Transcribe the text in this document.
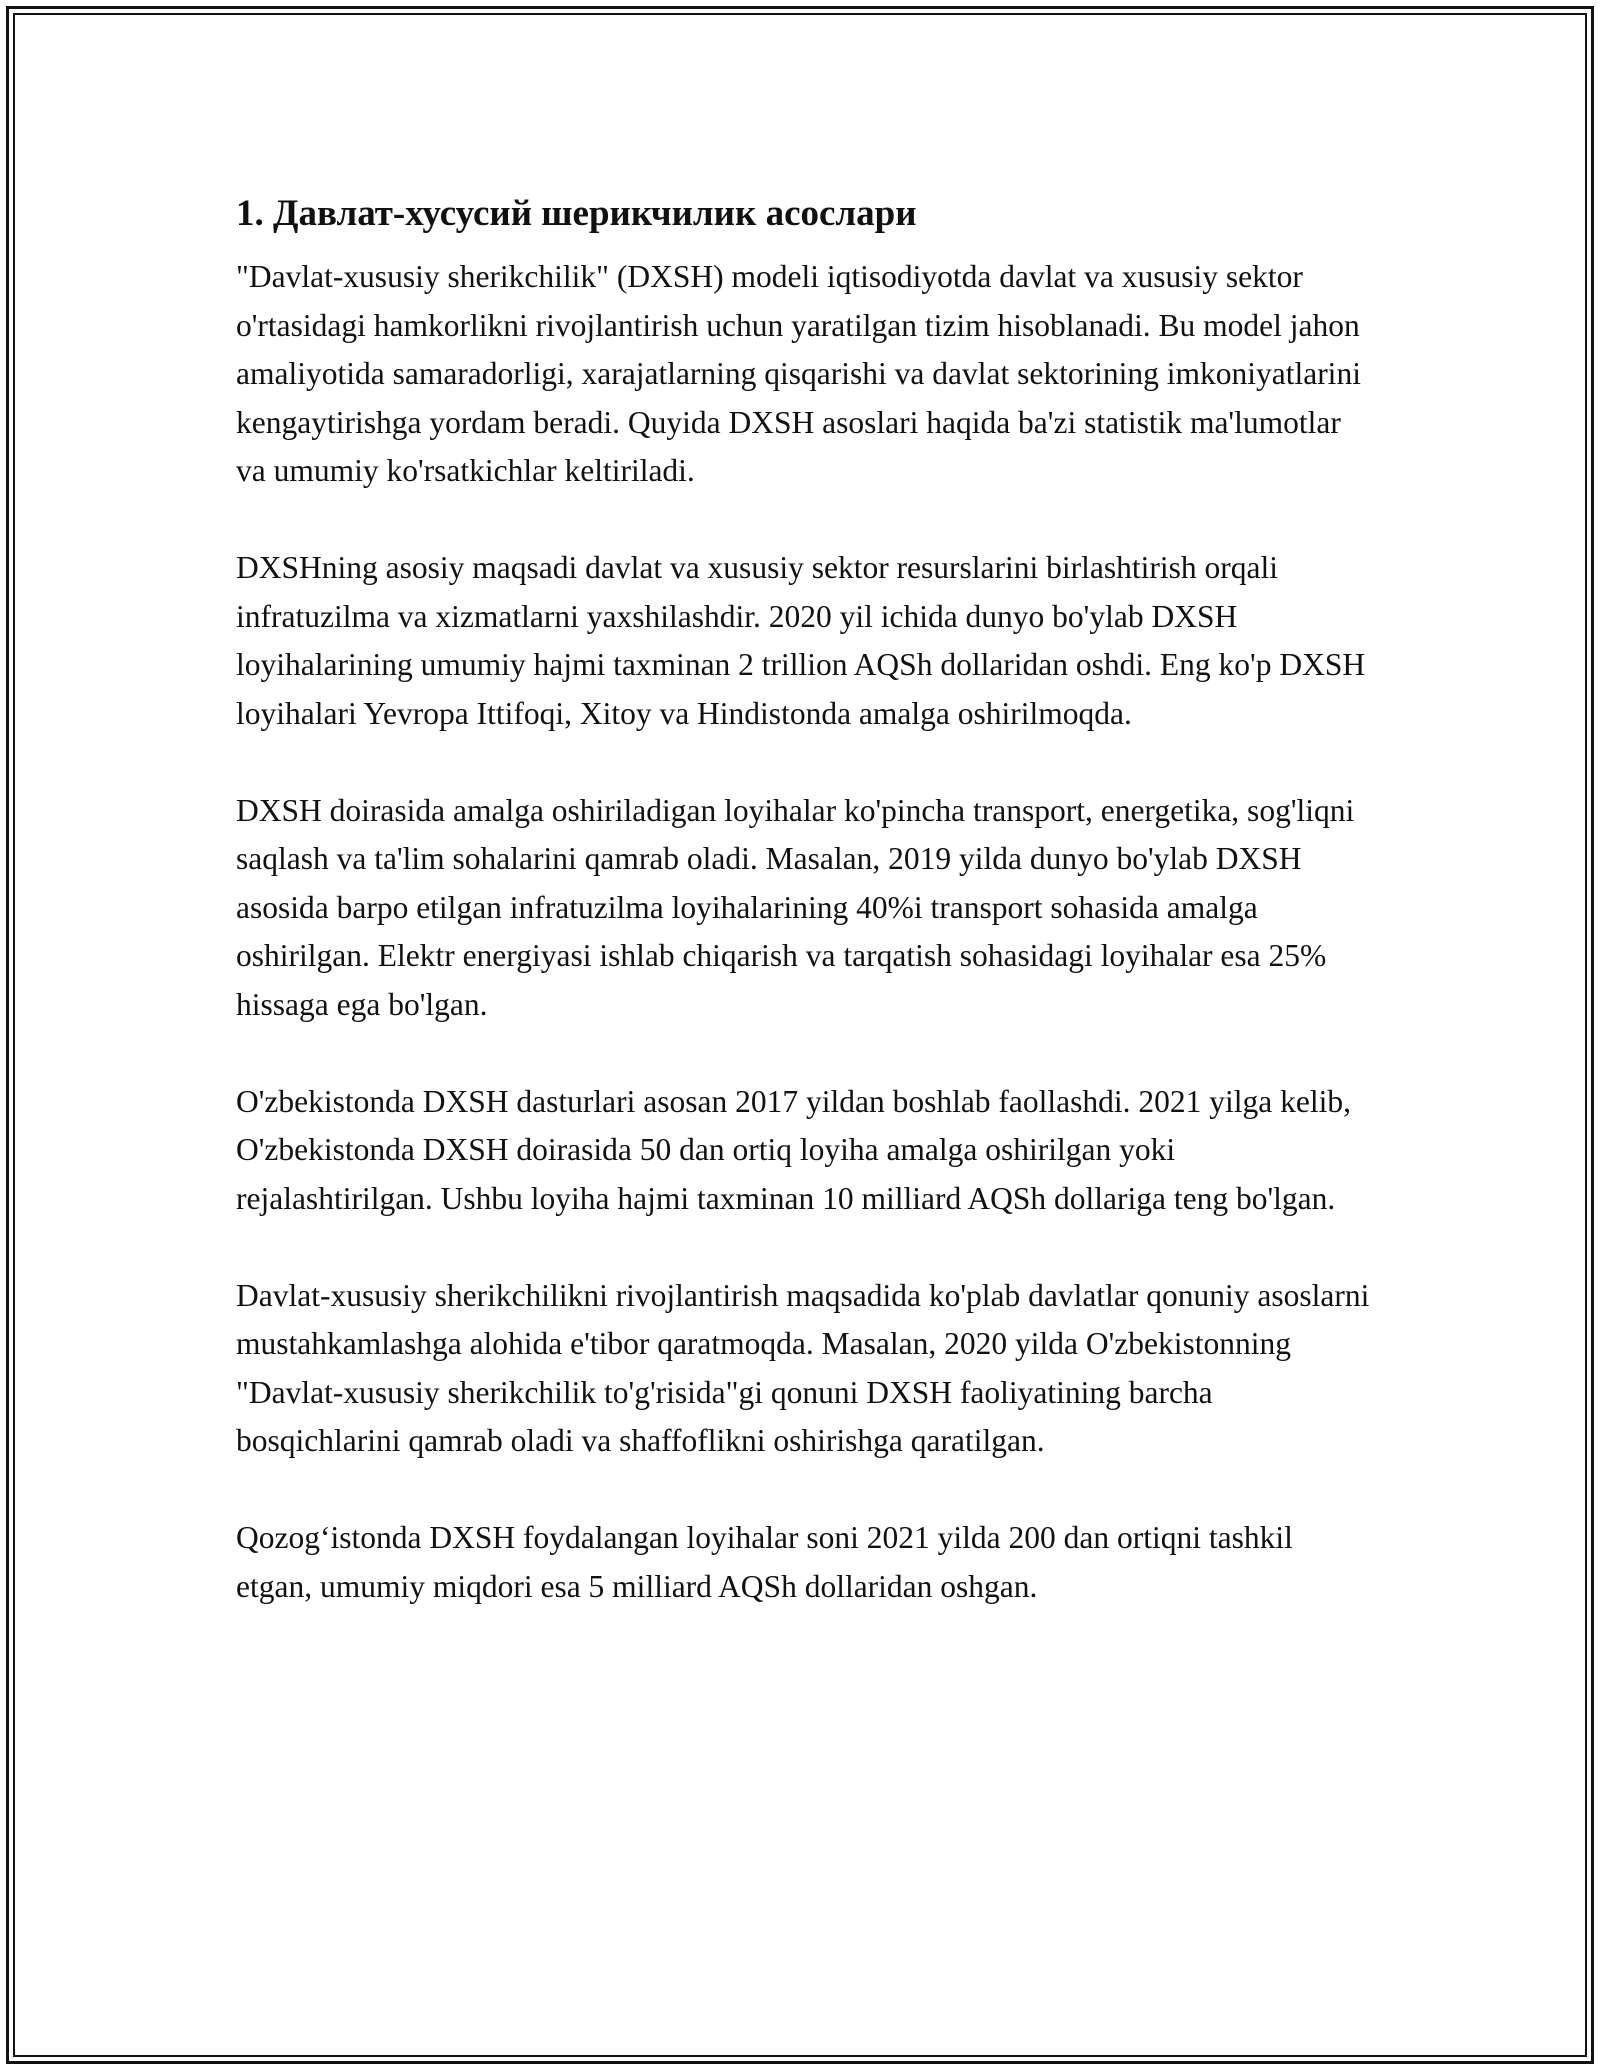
1. Давлат-хусусий шерикчилик асослари

"Davlat-xususiy sherikchilik" (DXSH) modeli iqtisodiyotda davlat va xususiy sektor o'rtasidagi hamkorlikni rivojlantirish uchun yaratilgan tizim hisoblanadi. Bu model jahon amaliyotida samaradorligi, xarajatlarning qisqarishi va davlat sektorining imkoniyatlarini kengaytirishga yordam beradi. Quyida DXSH asoslari haqida ba'zi statistik ma'lumotlar va umumiy ko'rsatkichlar keltiriladi.

DXSHning asosiy maqsadi davlat va xususiy sektor resurslarini birlashtirish orqali infratuzilma va xizmatlarni yaxshilashdir. 2020 yil ichida dunyo bo'ylab DXSH loyihalarining umumiy hajmi taxminan 2 trillion AQSh dollaridan oshdi. Eng ko'p DXSH loyihalari Yevropa Ittifoqi, Xitoy va Hindistonda amalga oshirilmoqda.

DXSH doirasida amalga oshiriladigan loyihalar ko'pincha transport, energetika, sog'liqni saqlash va ta'lim sohalarini qamrab oladi. Masalan, 2019 yilda dunyo bo'ylab DXSH asosida barpo etilgan infratuzilma loyihalarining 40%i transport sohasida amalga oshirilgan. Elektr energiyasi ishlab chiqarish va tarqatish sohasidagi loyihalar esa 25% hissaga ega bo'lgan.

O'zbekistonda DXSH dasturlari asosan 2017 yildan boshlab faollashdi. 2021 yilga kelib, O'zbekistonda DXSH doirasida 50 dan ortiq loyiha amalga oshirilgan yoki rejalashtirilgan. Ushbu loyiha hajmi taxminan 10 milliard AQSh dollariga teng bo'lgan.

Davlat-xususiy sherikchilikni rivojlantirish maqsadida ko'plab davlatlar qonuniy asoslarni mustahkamlashga alohida e'tibor qaratmoqda. Masalan, 2020 yilda O'zbekistonning "Davlat-xususiy sherikchilik to'g'risida"gi qonuni DXSH faoliyatining barcha bosqichlarini qamrab oladi va shaffoflikni oshirishga qaratilgan.

Qozog‘istonda DXSH foydalangan loyihalar soni 2021 yilda 200 dan ortiqni tashkil etgan, umumiy miqdori esa 5 milliard AQSh dollaridan oshgan.
